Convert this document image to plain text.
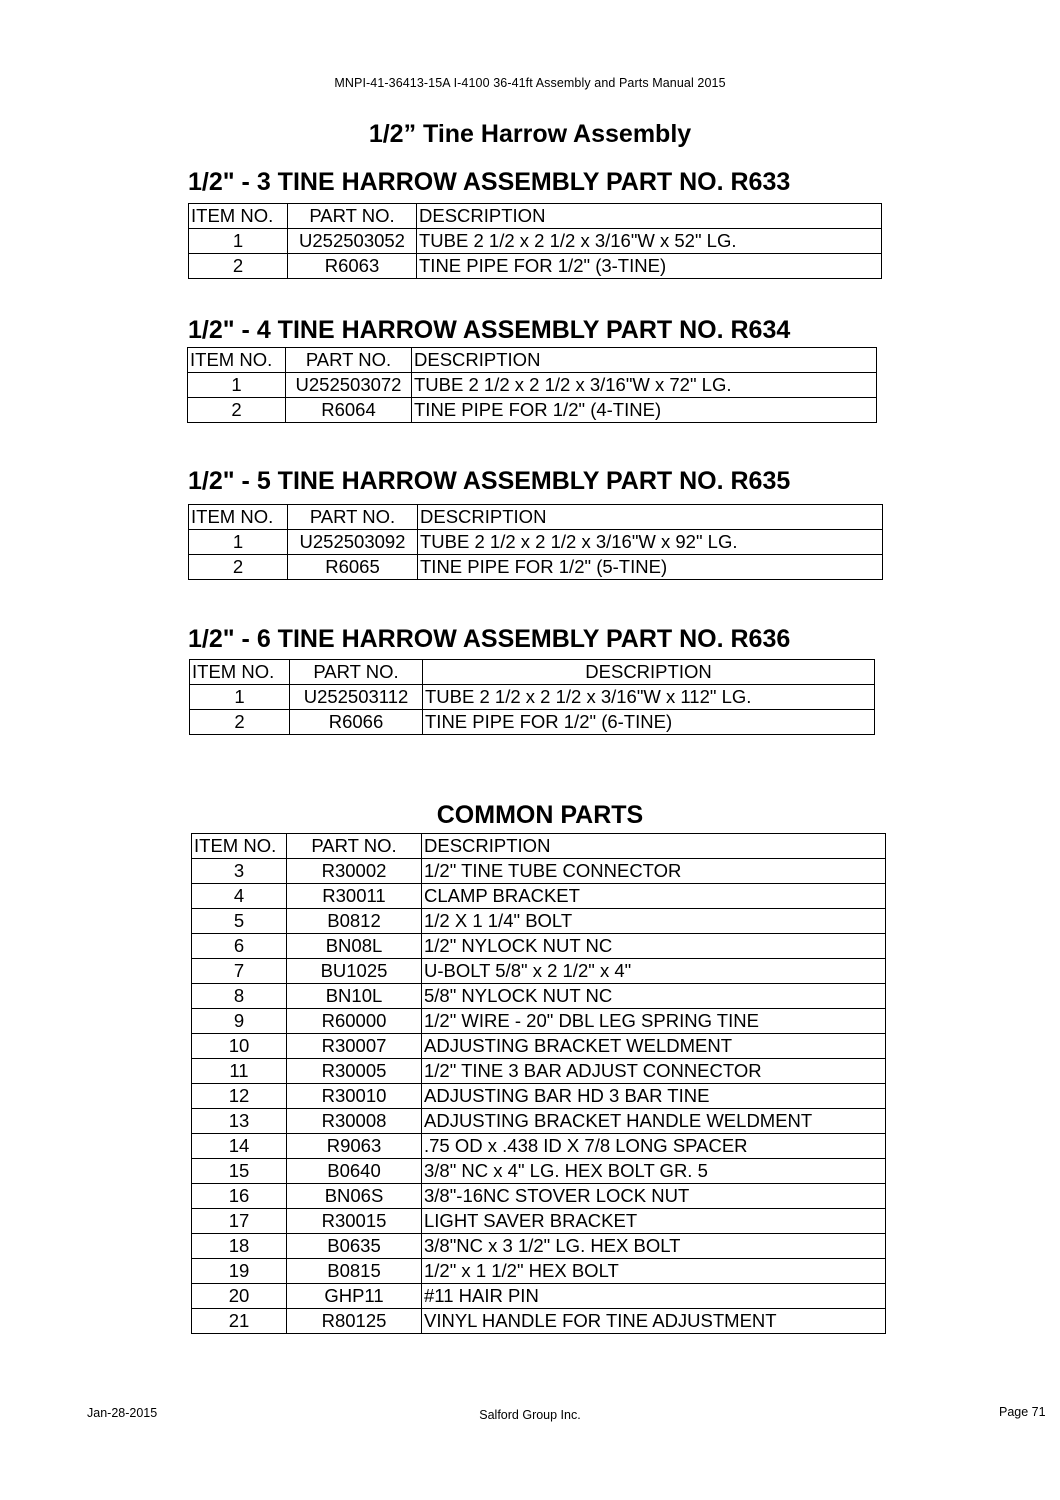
MNPI-41-36413-15A I-4100 36-41ft Assembly and Parts Manual 2015
1/2” Tine Harrow Assembly
1/2" - 3 TINE HARROW ASSEMBLY PART NO. R633
ITEM NO.	PART NO.	DESCRIPTION
1	U252503052	TUBE 2 1/2 x 2 1/2 x 3/16"W x 52" LG.
2	R6063	TINE PIPE FOR 1/2" (3-TINE)
1/2" - 4 TINE HARROW ASSEMBLY PART NO. R634
ITEM NO.	PART NO.	DESCRIPTION
1	U252503072	TUBE 2 1/2 x 2 1/2 x 3/16"W x 72" LG.
2	R6064	TINE PIPE FOR 1/2" (4-TINE)
1/2" - 5 TINE HARROW ASSEMBLY PART NO. R635
ITEM NO.	PART NO.	DESCRIPTION
1	U252503092	TUBE 2 1/2 x 2 1/2 x 3/16"W x 92" LG.
2	R6065	TINE PIPE FOR 1/2" (5-TINE)
1/2" - 6 TINE HARROW ASSEMBLY PART NO. R636
ITEM NO.	PART NO.	DESCRIPTION
1	U252503112	TUBE 2 1/2 x 2 1/2 x 3/16"W x 112" LG.
2	R6066	TINE PIPE FOR 1/2" (6-TINE)
COMMON PARTS
ITEM NO.	PART NO.	DESCRIPTION
3	R30002	1/2" TINE TUBE CONNECTOR
4	R30011	CLAMP BRACKET
5	B0812	1/2 X 1 1/4" BOLT
6	BN08L	1/2" NYLOCK NUT NC
7	BU1025	U-BOLT 5/8" x 2 1/2" x 4"
8	BN10L	5/8" NYLOCK NUT NC
9	R60000	1/2" WIRE - 20" DBL LEG SPRING TINE
10	R30007	ADJUSTING BRACKET WELDMENT
11	R30005	1/2" TINE 3 BAR ADJUST CONNECTOR
12	R30010	ADJUSTING BAR HD 3 BAR TINE
13	R30008	ADJUSTING BRACKET HANDLE WELDMENT
14	R9063	.75 OD x .438 ID X 7/8 LONG SPACER
15	B0640	3/8" NC x 4" LG. HEX BOLT GR. 5
16	BN06S	3/8"-16NC STOVER LOCK NUT
17	R30015	LIGHT SAVER BRACKET
18	B0635	3/8"NC x 3 1/2" LG. HEX BOLT
19	B0815	1/2" x 1 1/2" HEX BOLT
20	GHP11	#11 HAIR PIN
21	R80125	VINYL HANDLE FOR TINE ADJUSTMENT
Jan-28-2015	Salford Group Inc.	Page 71
